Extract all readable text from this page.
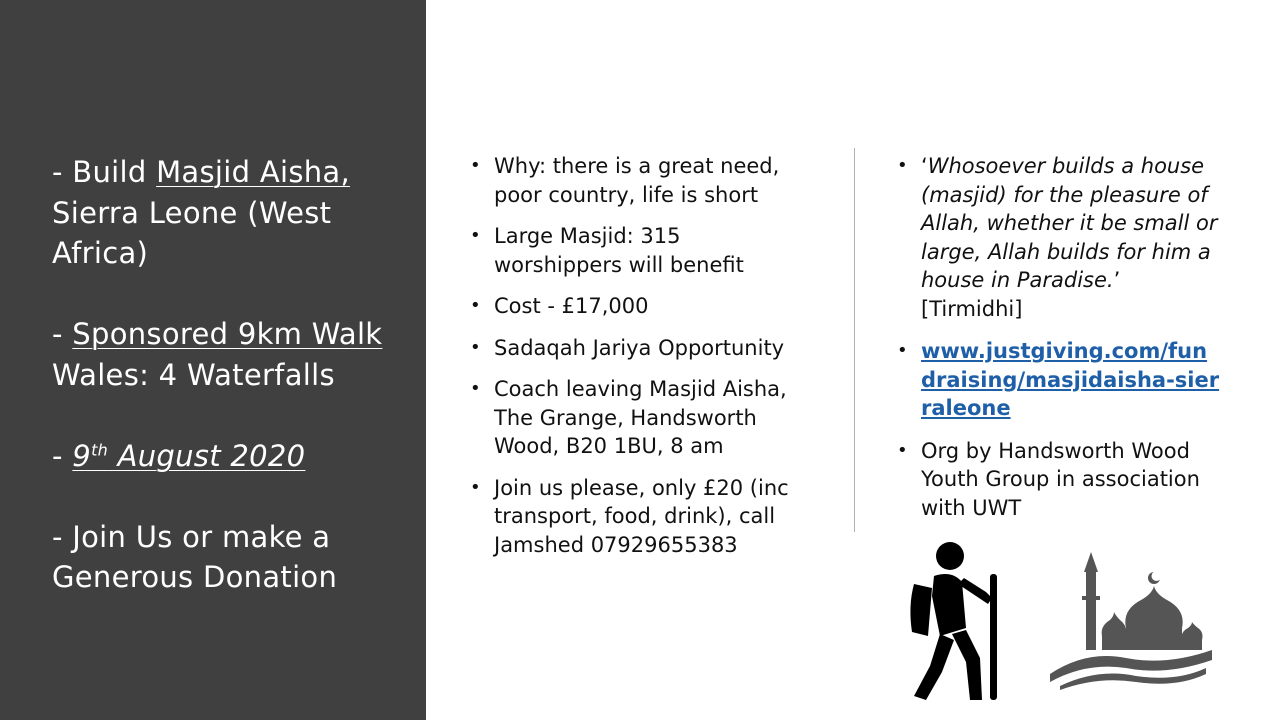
- Build Masjid Aisha, Sierra Leone (West Africa)

- Sponsored 9km Walk
Wales: 4 Waterfalls

- 9th August 2020

- Join Us or make a Generous Donation

• Why: there is a great need, poor country, life is short
• Large Masjid: 315 worshippers will benefit
• Cost - £17,000
• Sadaqah Jariya Opportunity
• Coach leaving Masjid Aisha, The Grange, Handsworth Wood, B20 1BU, 8 am
• Join us please, only £20 (inc transport, food, drink), call Jamshed 07929655383
• ‘Whosoever builds a house (masjid) for the pleasure of Allah, whether it be small or large, Allah builds for him a house in Paradise.’ [Tirmidhi]
• www.justgiving.com/fundraising/masjidaisha-sierraleone
• Org by Handsworth Wood Youth Group in association with UWT
